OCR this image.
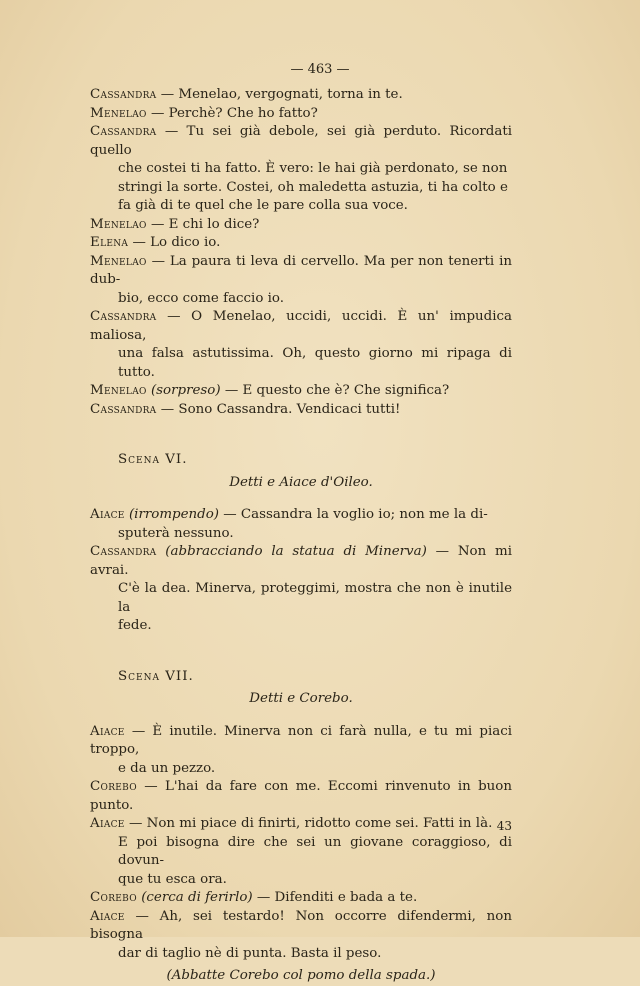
— 463 —

Cassandra — Menelao, vergognati, torna in te.

Menelao — Perchè? Che ho fatto?

Cassandra — Tu sei già debole, sei già perduto. Ricordati quello

che costei ti ha fatto. È vero: le hai già perdonato, se non

stringi la sorte. Costei, oh maledetta astuzia, ti ha colto e

fa già di te quel che le pare colla sua voce.

Menelao — E chi lo dice?

Elena — Lo dico io.

Menelao — La paura ti leva di cervello. Ma per non tenerti in dub-

bio, ecco come faccio io.

Cassandra — O Menelao, uccidi, uccidi. È un' impudica maliosa,

una falsa astutissima. Oh, questo giorno mi ripaga di tutto.

Menelao (sorpreso) — E questo che è? Che significa?

Cassandra — Sono Cassandra. Vendicaci tutti!

Scena VI.

Detti e Aiace d'Oileo.

Aiace (irrompendo) — Cassandra la voglio io; non me la di-

sputerà nessuno.

Cassandra (abbracciando la statua di Minerva) — Non mi avrai.

C'è la dea. Minerva, proteggimi, mostra che non è inutile la

fede.

Scena VII.

Detti e Corebo.

Aiace — È inutile. Minerva non ci farà nulla, e tu mi piaci troppo,

e da un pezzo.

Corebo — L'hai da fare con me. Eccomi rinvenuto in buon punto.

Aiace — Non mi piace di finirti, ridotto come sei. Fatti in là.

E poi bisogna dire che sei un giovane coraggioso, di dovun-

que tu esca ora.

Corebo (cerca di ferirlo) — Difenditi e bada a te.

Aiace — Ah, sei testardo! Non occorre difendermi, non bisogna

dar di taglio nè di punta. Basta il peso.

(Abbatte Corebo col pomo della spada.)

43
